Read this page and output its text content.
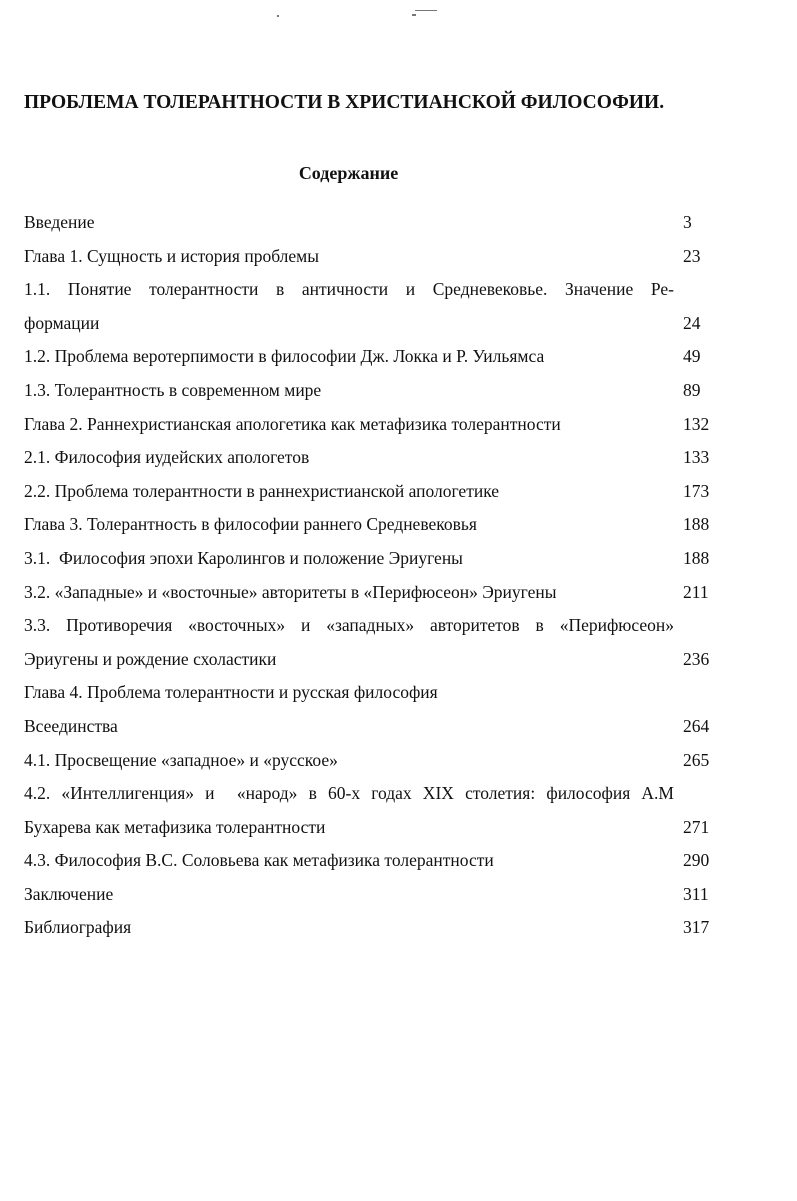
ПРОБЛЕМА ТОЛЕРАНТНОСТИ В ХРИСТИАНСКОЙ ФИЛОСОФИИ.
Содержание
Введение	3
Глава 1. Сущность и история проблемы	23
1.1. Понятие толерантности в античности и Средневековье. Значение Ре-
формации	24
1.2. Проблема веротерпимости в философии Дж. Локка и Р. Уильямса	49
1.3. Толерантность в современном мире	89
Глава 2. Раннехристианская апологетика как метафизика толерантности	132
2.1. Философия иудейских апологетов	133
2.2. Проблема толерантности в раннехристианской апологетике	173
Глава 3. Толерантность в философии раннего Средневековья	188
3.1.  Философия эпохи Каролингов и положение Эриугены	188
3.2. «Западные» и «восточные» авторитеты в «Перифюсеон» Эриугены	211
3.3. Противоречия «восточных» и «западных» авторитетов в «Перифюсеон»
Эриугены и рождение схоластики	236
Глава 4. Проблема толерантности и русская философия
Всеединства	264
4.1. Просвещение «западное» и «русское»	265
4.2. «Интеллигенция» и  «народ» в 60-х годах XIX столетия: философия А.М
Бухарева как метафизика толерантности	271
4.3. Философия В.С. Соловьева как метафизика толерантности	290
Заключение	311
Библиография	317
